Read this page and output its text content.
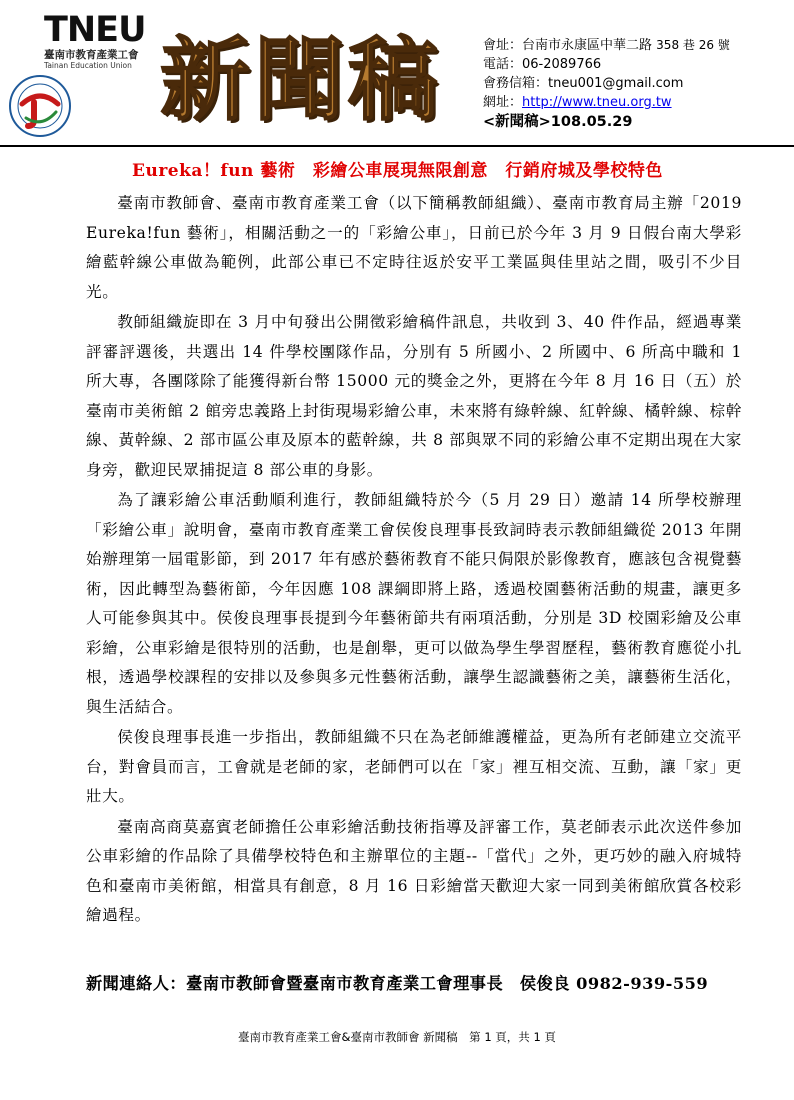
TNEU
臺南市教育產業工會
Tainan Education Union 新聞稿	會址：台南市永康區中華二路 358 巷 26 號
電話：06-2089766
會務信箱：tneu001@gmail.com
網址：http://www.tneu.org.tw
<新聞稿>108.05.29
Eureka！fun 藝術　彩繪公車展現無限創意　行銷府城及學校特色

臺南市教師會、臺南市教育產業工會（以下簡稱教師組織）、臺南市教育局主辦「2019 Eureka!fun 藝術」，相關活動之一的「彩繪公車」，日前已於今年 3 月 9 日假台南大學彩繪藍幹線公車做為範例，此部公車已不定時往返於安平工業區與佳里站之間，吸引不少目光。

教師組織旋即在 3 月中旬發出公開徵彩繪稿件訊息，共收到 3、40 件作品，經過專業評審評選後，共選出 14 件學校團隊作品，分別有 5 所國小、2 所國中、6 所高中職和 1 所大專，各團隊除了能獲得新台幣 15000 元的獎金之外，更將在今年 8 月 16 日（五）於臺南市美術館 2 館旁忠義路上封街現場彩繪公車，未來將有綠幹線、紅幹線、橘幹線、棕幹線、黃幹線、2 部市區公車及原本的藍幹線，共 8 部與眾不同的彩繪公車不定期出現在大家身旁，歡迎民眾捕捉這 8 部公車的身影。

為了讓彩繪公車活動順利進行，教師組織特於今（5 月 29 日）邀請 14 所學校辦理「彩繪公車」說明會，臺南市教育產業工會侯俊良理事長致詞時表示教師組織從 2013 年開始辦理第一屆電影節，到 2017 年有感於藝術教育不能只侷限於影像教育，應該包含視覺藝術，因此轉型為藝術節，今年因應 108 課綱即將上路，透過校園藝術活動的規畫，讓更多人可能參與其中。侯俊良理事長提到今年藝術節共有兩項活動，分別是 3D 校園彩繪及公車彩繪，公車彩繪是很特別的活動，也是創舉，更可以做為學生學習歷程，藝術教育應從小扎根，透過學校課程的安排以及參與多元性藝術活動，讓學生認識藝術之美，讓藝術生活化，與生活結合。

侯俊良理事長進一步指出，教師組織不只在為老師維護權益，更為所有老師建立交流平台，對會員而言，工會就是老師的家，老師們可以在「家」裡互相交流、互動，讓「家」更壯大。

臺南高商莫嘉賓老師擔任公車彩繪活動技術指導及評審工作，莫老師表示此次送件參加公車彩繪的作品除了具備學校特色和主辦單位的主題--「當代」之外，更巧妙的融入府城特色和臺南市美術館，相當具有創意，8 月 16 日彩繪當天歡迎大家一同到美術館欣賞各校彩繪過程。

新聞連絡人：臺南市教師會暨臺南市教育產業工會理事長　侯俊良 0982-939-559
臺南市教育產業工會&臺南市教師會 新聞稿　第 1 頁，共 1 頁
